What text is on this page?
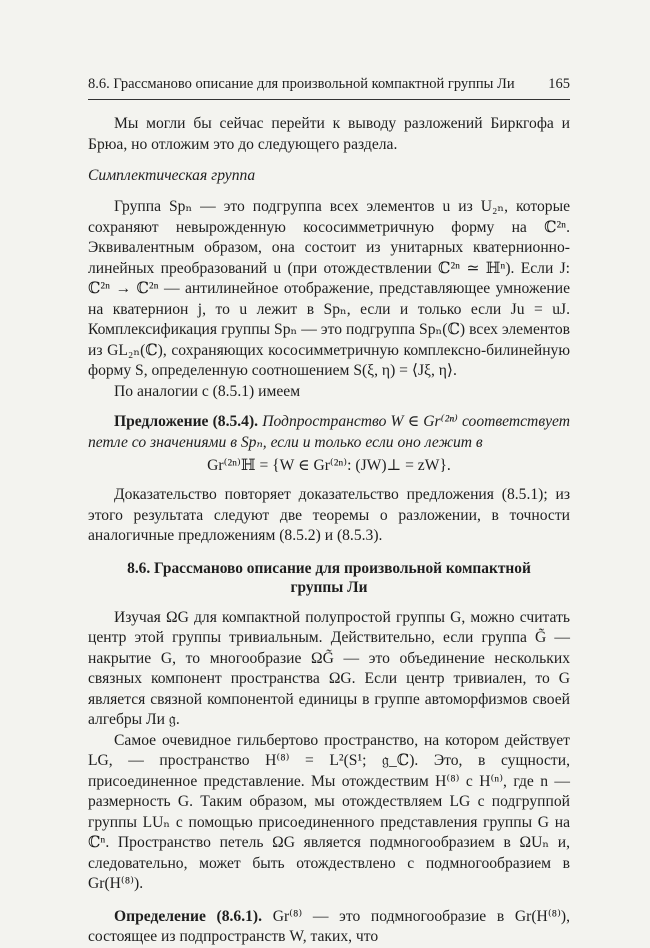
8.6. Грассманово описание для произвольной компактной группы Ли 165

Мы могли бы сейчас перейти к выводу разложений Биркгофа и Брюа, но отложим это до следующего раздела.

Симплектическая группа

Группа Spₙ — это подгруппа всех элементов u из U₂ₙ, которые сохраняют невырожденную кососимметричную форму на ℂ²ⁿ. Эквивалентным образом, она состоит из унитарных кватернионно-линейных преобразований u (при отождествлении ℂ²ⁿ ≃ ℍⁿ). Если J: ℂ²ⁿ → ℂ²ⁿ — антилинейное отображение, представляющее умножение на кватернион j, то u лежит в Spₙ, если и только если Ju = uJ. Комплексификация группы Spₙ — это подгруппа Spₙ(ℂ) всех элементов из GL₂ₙ(ℂ), сохраняющих кососимметричную комплексно-билинейную форму S, определенную соотношением S(ξ, η) = ⟨Jξ, η⟩.

По аналогии с (8.5.1) имеем

Предложение (8.5.4). Подпространство W ∈ Gr⁽²ⁿ⁾ соответствует петле со значениями в Spₙ, если и только если оно лежит в

Gr⁽²ⁿ⁾ℍ = {W ∈ Gr⁽²ⁿ⁾: (JW)⊥ = zW}.

Доказательство повторяет доказательство предложения (8.5.1); из этого результата следуют две теоремы о разложении, в точности аналогичные предложениям (8.5.2) и (8.5.3).

8.6. Грассманово описание для произвольной компактной
группы Ли

Изучая ΩG для компактной полупростой группы G, можно считать центр этой группы тривиальным. Действительно, если группа G̃ — накрытие G, то многообразие ΩG̃ — это объединение нескольких связных компонент пространства ΩG. Если центр тривиален, то G является связной компонентой единицы в группе автоморфизмов своей алгебры Ли 𝔤.

Самое очевидное гильбертово пространство, на котором действует LG, — пространство H⁽⁸⁾ = L²(S¹; 𝔤_ℂ). Это, в сущности, присоединенное представление. Мы отождествим H⁽⁸⁾ с H⁽ⁿ⁾, где n — размерность G. Таким образом, мы отождествляем LG с подгруппой группы LUₙ с помощью присоединенного представления группы G на ℂⁿ. Пространство петель ΩG является подмногообразием в ΩUₙ и, следовательно, может быть отождествлено с подмногообразием в Gr(H⁽⁸⁾).

Определение (8.6.1). Gr⁽⁸⁾ — это подмногообразие в Gr(H⁽⁸⁾), состоящее из подпространств W, таких, что
